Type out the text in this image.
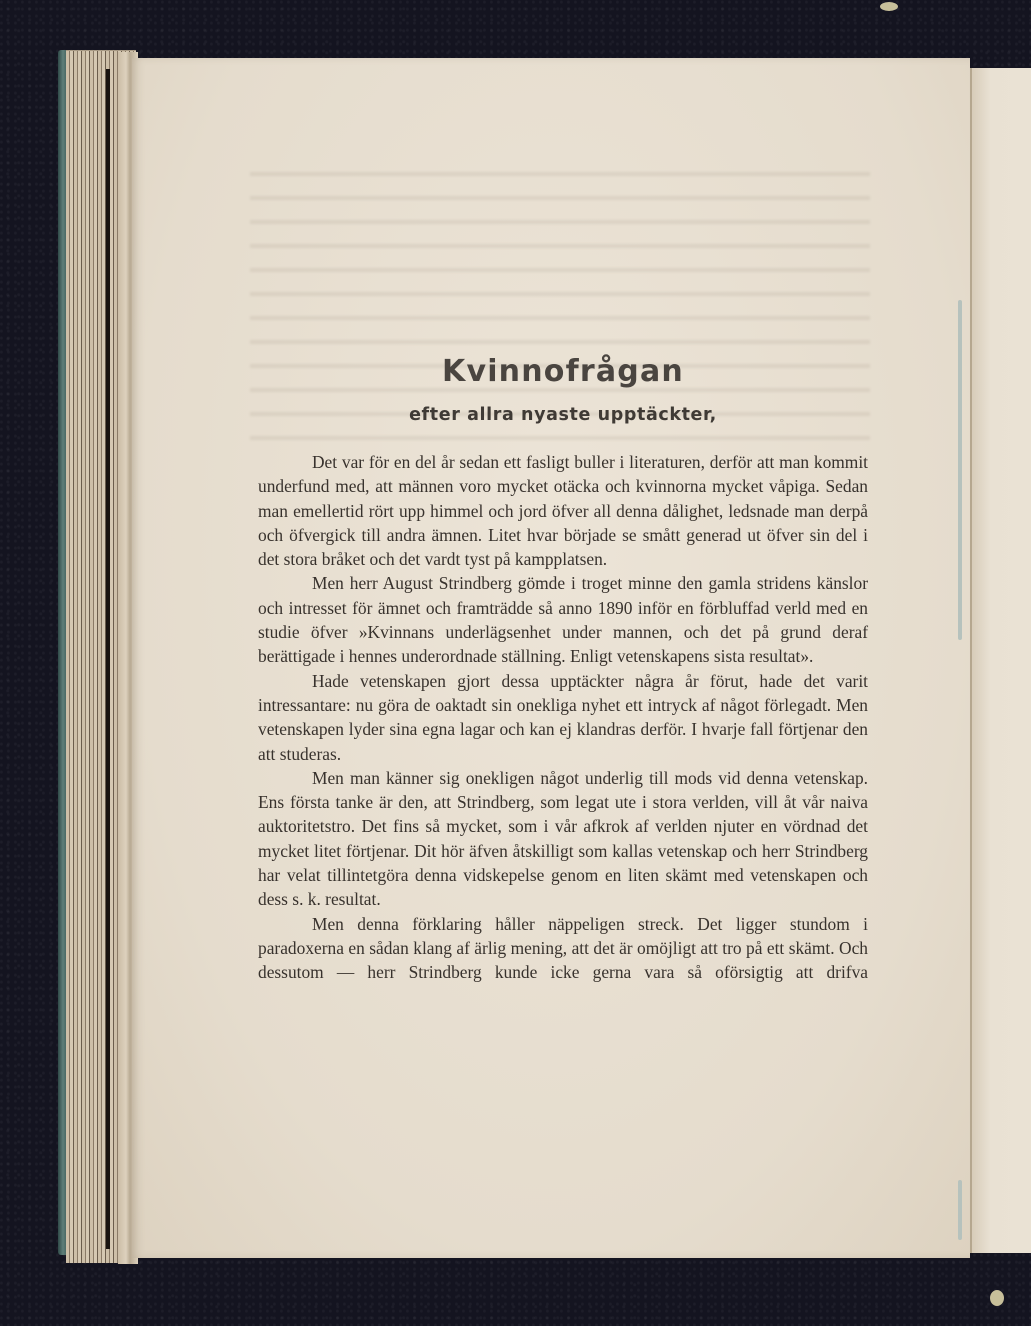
Kvinnofrågan
efter allra nyaste upptäckter,

Det var för en del år sedan ett fasligt buller i literaturen, derför att man kommit underfund med, att männen voro mycket otäcka och kvinnorna mycket våpiga. Sedan man emellertid rört upp himmel och jord öfver all denna dålighet, ledsnade man derpå och öfvergick till andra ämnen. Litet hvar började se smått generad ut öfver sin del i det stora bråket och det vardt tyst på kampplatsen.

Men herr August Strindberg gömde i troget minne den gamla stridens känslor och intresset för ämnet och framträdde så anno 1890 inför en förbluffad verld med en studie öfver »Kvinnans underlägsenhet under mannen, och det på grund deraf berättigade i hennes underordnade ställning. Enligt vetenskapens sista resultat».

Hade vetenskapen gjort dessa upptäckter några år förut, hade det varit intressantare: nu göra de oaktadt sin onekliga nyhet ett intryck af något förlegadt. Men vetenskapen lyder sina egna lagar och kan ej klandras derför. I hvarje fall förtjenar den att studeras.

Men man känner sig onekligen något underlig till mods vid denna vetenskap. Ens första tanke är den, att Strindberg, som legat ute i stora verlden, vill åt vår naiva auktoritetstro. Det fins så mycket, som i vår afkrok af verlden njuter en vördnad det mycket litet förtjenar. Dit hör äfven åtskilligt som kallas vetenskap och herr Strindberg har velat tillintetgöra denna vidskepelse genom en liten skämt med vetenskapen och dess s. k. resultat.

Men denna förklaring håller näppeligen streck. Det ligger stundom i paradoxerna en sådan klang af ärlig mening, att det är omöjligt att tro på ett skämt. Och dessutom — herr Strindberg kunde icke gerna vara så oförsigtig att drifva
